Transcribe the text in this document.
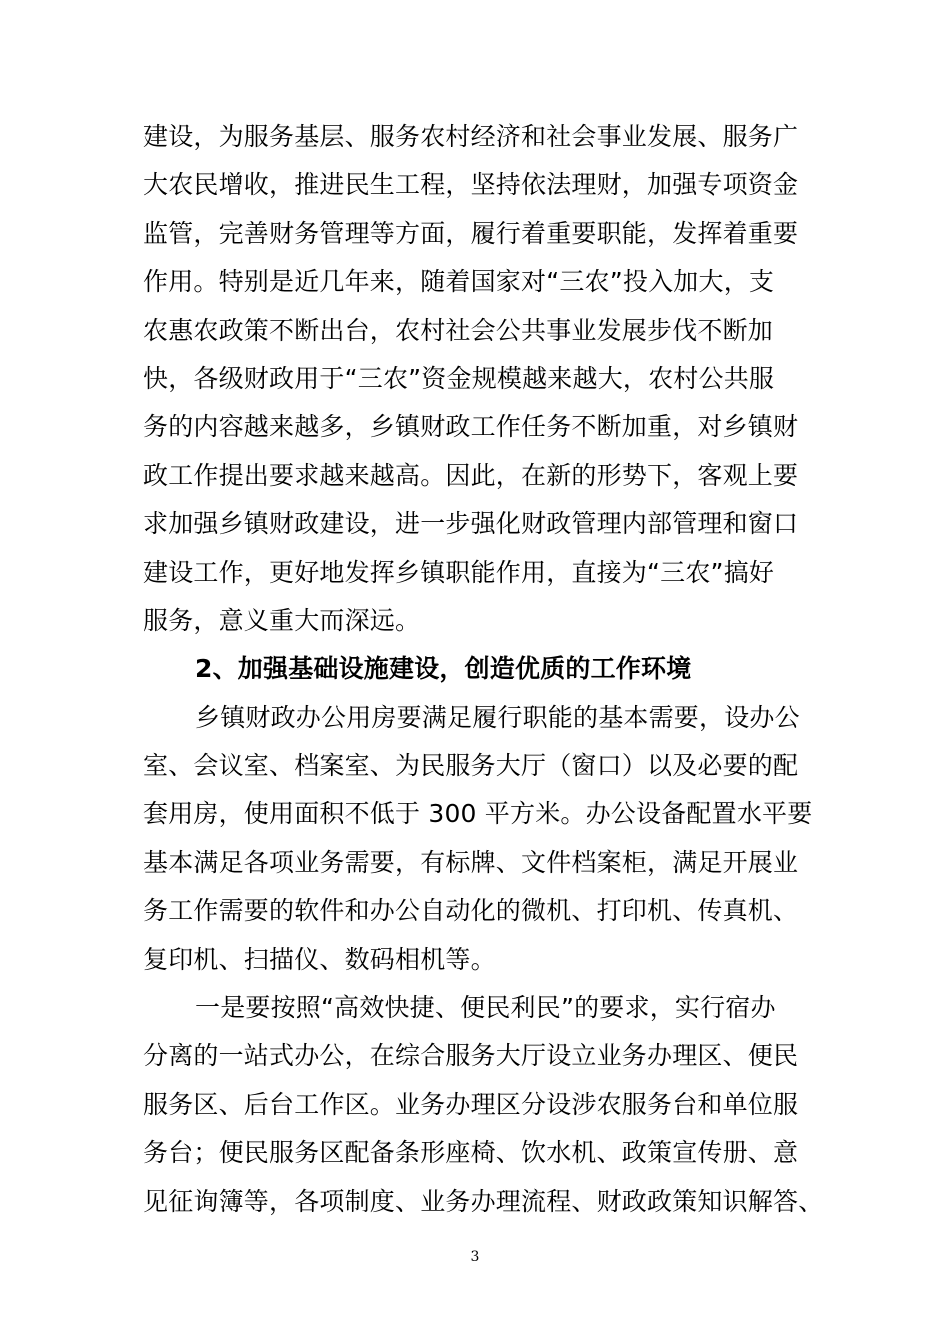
建设，为服务基层、服务农村经济和社会事业发展、服务广
大农民增收，推进民生工程，坚持依法理财，加强专项资金
监管，完善财务管理等方面，履行着重要职能，发挥着重要
作用。特别是近几年来，随着国家对“三农”投入加大，支
农惠农政策不断出台，农村社会公共事业发展步伐不断加
快，各级财政用于“三农”资金规模越来越大，农村公共服
务的内容越来越多，乡镇财政工作任务不断加重，对乡镇财
政工作提出要求越来越高。因此，在新的形势下，客观上要
求加强乡镇财政建设，进一步强化财政管理内部管理和窗口
建设工作，更好地发挥乡镇职能作用，直接为“三农”搞好
服务，意义重大而深远。
2、加强基础设施建设，创造优质的工作环境
乡镇财政办公用房要满足履行职能的基本需要，设办公
室、会议室、档案室、为民服务大厅（窗口）以及必要的配
套用房，使用面积不低于 300 平方米。办公设备配置水平要
基本满足各项业务需要，有标牌、文件档案柜，满足开展业
务工作需要的软件和办公自动化的微机、打印机、传真机、
复印机、扫描仪、数码相机等。
一是要按照“高效快捷、便民利民”的要求，实行宿办
分离的一站式办公，在综合服务大厅设立业务办理区、便民
服务区、后台工作区。业务办理区分设涉农服务台和单位服
务台；便民服务区配备条形座椅、饮水机、政策宣传册、意
见征询簿等，各项制度、业务办理流程、财政政策知识解答、
3
